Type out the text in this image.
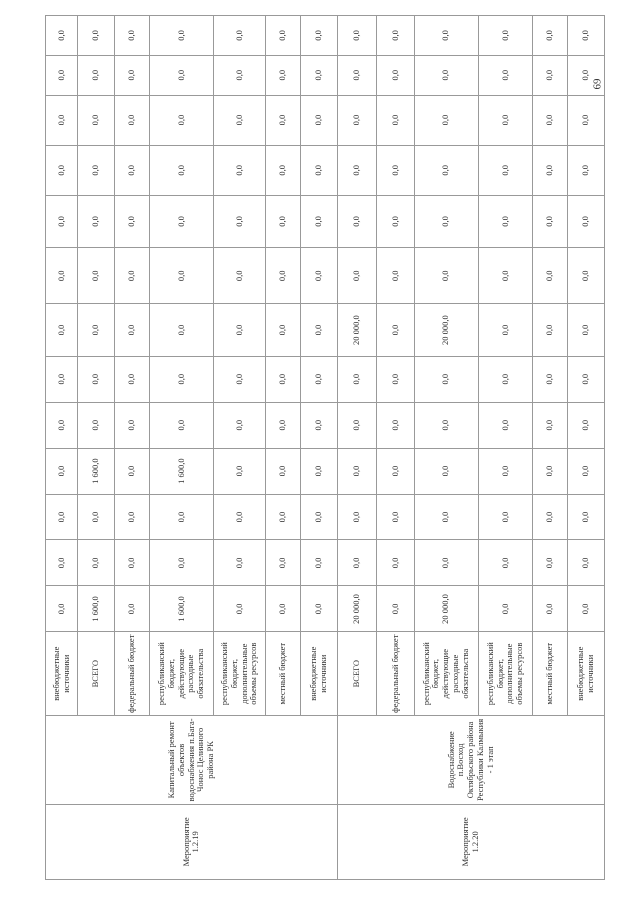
Мероприятие 1.2.19	Капитальный ремонт объектов водоснабжения п.Бага-Чонос Целинного района РК	внебюджетные источники	0,0	0,0	0,0	0,0	0,0	0,0	0,0	0,0	0,0	0,0	0,0	0,0	0,0
		ВСЕГО	1 600,0	0,0	0,0	1 600,0	0,0	0,0	0,0	0,0	0,0	0,0	0,0	0,0	0,0
		федеральный бюджет	0,0	0,0	0,0	0,0	0,0	0,0	0,0	0,0	0,0	0,0	0,0	0,0	0,0
		республиканский бюджет, действующие расходные обязательства	1 600,0	0,0	0,0	1 600,0	0,0	0,0	0,0	0,0	0,0	0,0	0,0	0,0	0,0
		республиканский бюджет, дополнительные объемы ресурсов	0,0	0,0	0,0	0,0	0,0	0,0	0,0	0,0	0,0	0,0	0,0	0,0	0,0
		местный бюджет	0,0	0,0	0,0	0,0	0,0	0,0	0,0	0,0	0,0	0,0	0,0	0,0	0,0
		внебюджетные источники	0,0	0,0	0,0	0,0	0,0	0,0	0,0	0,0	0,0	0,0	0,0	0,0	0,0
Мероприятие 1.2.20	Водоснабжение п.Восход Октябрьского района Республики Калмыкия - 1 этап	ВСЕГО	20 000,0	0,0	0,0	0,0	0,0	0,0	20 000,0	0,0	0,0	0,0	0,0	0,0	0,0
		федеральный бюджет	0,0	0,0	0,0	0,0	0,0	0,0	0,0	0,0	0,0	0,0	0,0	0,0	0,0
		республиканский бюджет, действующие расходные обязательства	20 000,0	0,0	0,0	0,0	0,0	0,0	20 000,0	0,0	0,0	0,0	0,0	0,0	0,0
		республиканский бюджет, дополнительные объемы ресурсов	0,0	0,0	0,0	0,0	0,0	0,0	0,0	0,0	0,0	0,0	0,0	0,0	0,0
		местный бюджет	0,0	0,0	0,0	0,0	0,0	0,0	0,0	0,0	0,0	0,0	0,0	0,0	0,0
		внебюджетные источники	0,0	0,0	0,0	0,0	0,0	0,0	0,0	0,0	0,0	0,0	0,0	0,0	0,0
69
